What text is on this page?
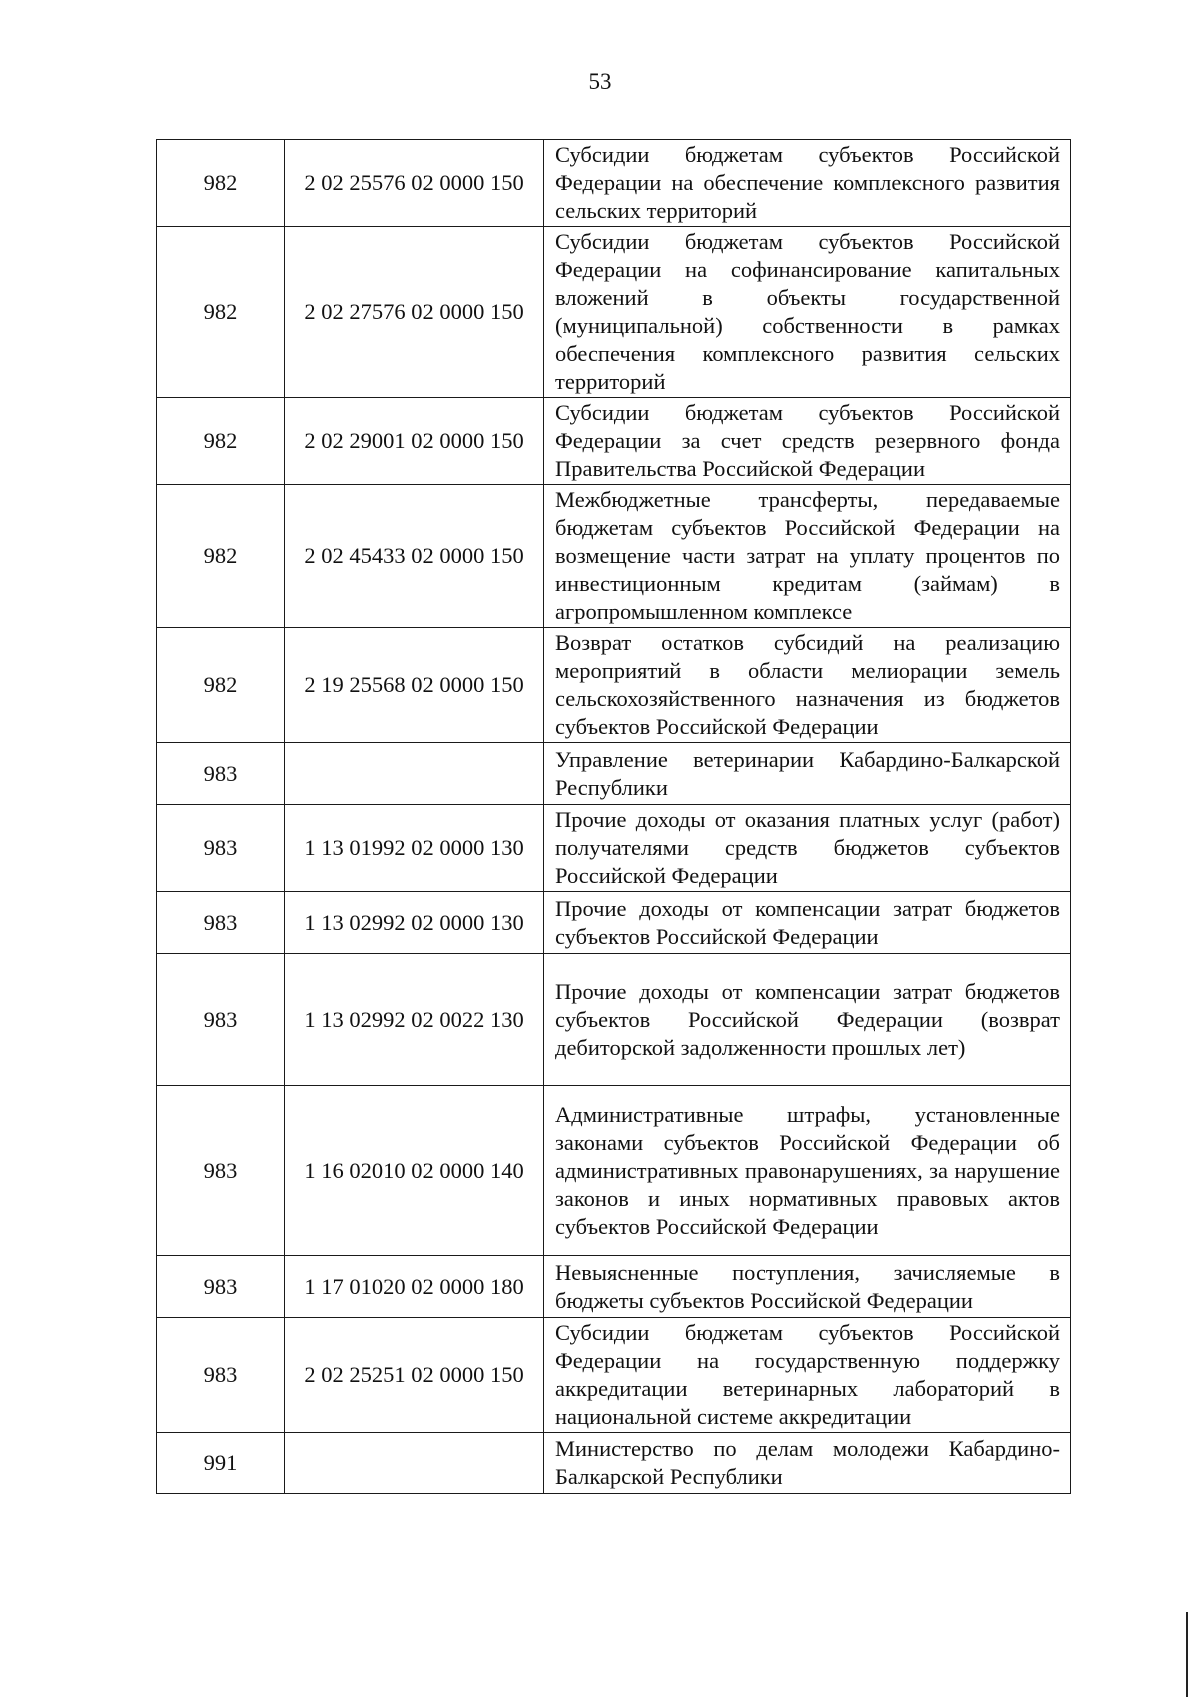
53
982	2 02 25576 02 0000 150	Субсидии бюджетам субъектов Российской Федерации на обеспечение комплексного развития сельских территорий

982	2 02 27576 02 0000 150	Субсидии бюджетам субъектов Российской Федерации на софинансирование капитальных вложений в объекты государственной (муниципальной) собственности в рамках обеспечения комплексного развития сельских территорий

982	2 02 29001 02 0000 150	Субсидии бюджетам субъектов Российской Федерации за счет средств резервного фонда Правительства Российской Федерации

982	2 02 45433 02 0000 150	Межбюджетные трансферты, передаваемые бюджетам субъектов Российской Федерации на возмещение части затрат на уплату процентов по инвестиционным кредитам (займам) в агропромышленном комплексе

982	2 19 25568 02 0000 150	Возврат остатков субсидий на реализацию мероприятий в области мелиорации земель сельскохозяйственного назначения из бюджетов субъектов Российской Федерации

983		Управление ветеринарии Кабардино-Балкарской Республики

983	1 13 01992 02 0000 130	Прочие доходы от оказания платных услуг (работ) получателями средств бюджетов субъектов Российской Федерации

983	1 13 02992 02 0000 130	Прочие доходы от компенсации затрат бюджетов субъектов Российской Федерации

983	1 13 02992 02 0022 130	Прочие доходы от компенсации затрат бюджетов субъектов Российской Федерации (возврат дебиторской задолженности прошлых лет)

983	1 16 02010 02 0000 140	Административные штрафы, установленные законами субъектов Российской Федерации об административных правонарушениях, за нарушение законов и иных нормативных правовых актов субъектов Российской Федерации

983	1 17 01020 02 0000 180	Невыясненные поступления, зачисляемые в бюджеты субъектов Российской Федерации

983	2 02 25251 02 0000 150	Субсидии бюджетам субъектов Российской Федерации на государственную поддержку аккредитации ветеринарных лабораторий в национальной системе аккредитации

991		Министерство по делам молодежи Кабардино-Балкарской Республики
